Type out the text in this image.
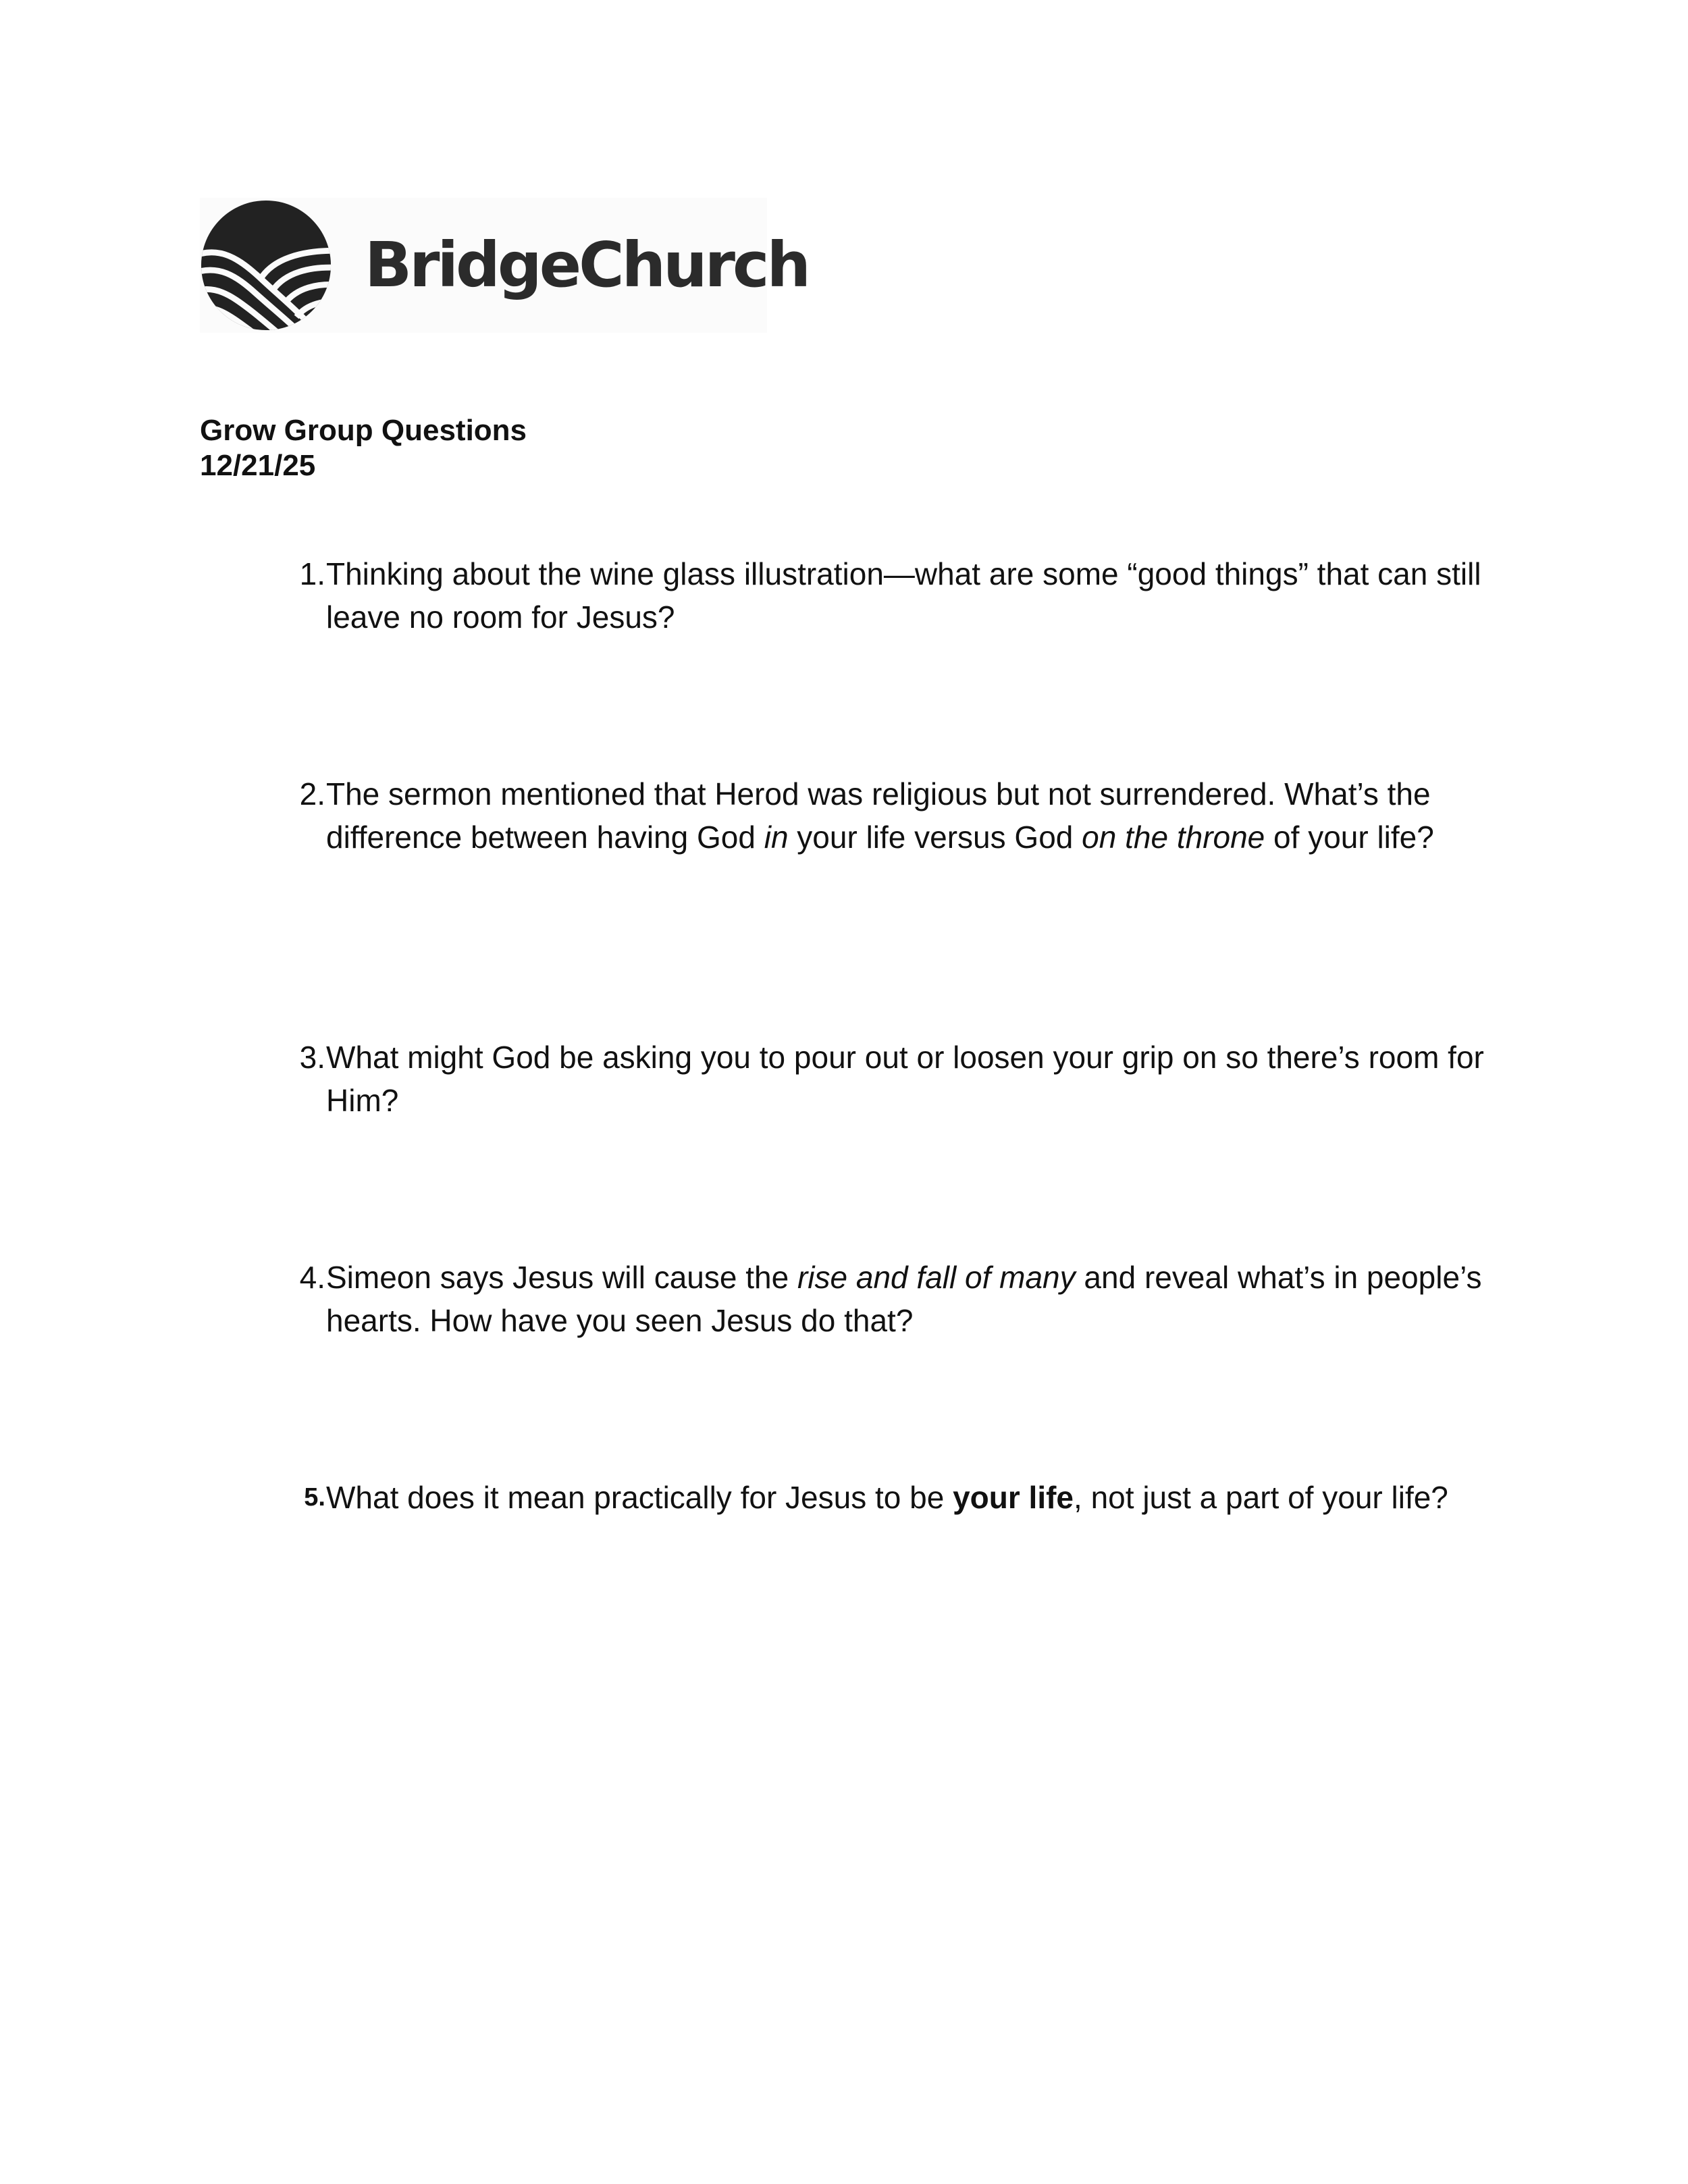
BridgeChurch
Grow Group Questions
12/21/25
1. Thinking about the wine glass illustration—what are some “good things” that can still leave no room for Jesus?
2. The sermon mentioned that Herod was religious but not surrendered. What’s the difference between having God in your life versus God on the throne of your life?
3. What might God be asking you to pour out or loosen your grip on so there’s room for Him?
4. Simeon says Jesus will cause the rise and fall of many and reveal what’s in people’s hearts. How have you seen Jesus do that?
5. What does it mean practically for Jesus to be your life, not just a part of your life?
